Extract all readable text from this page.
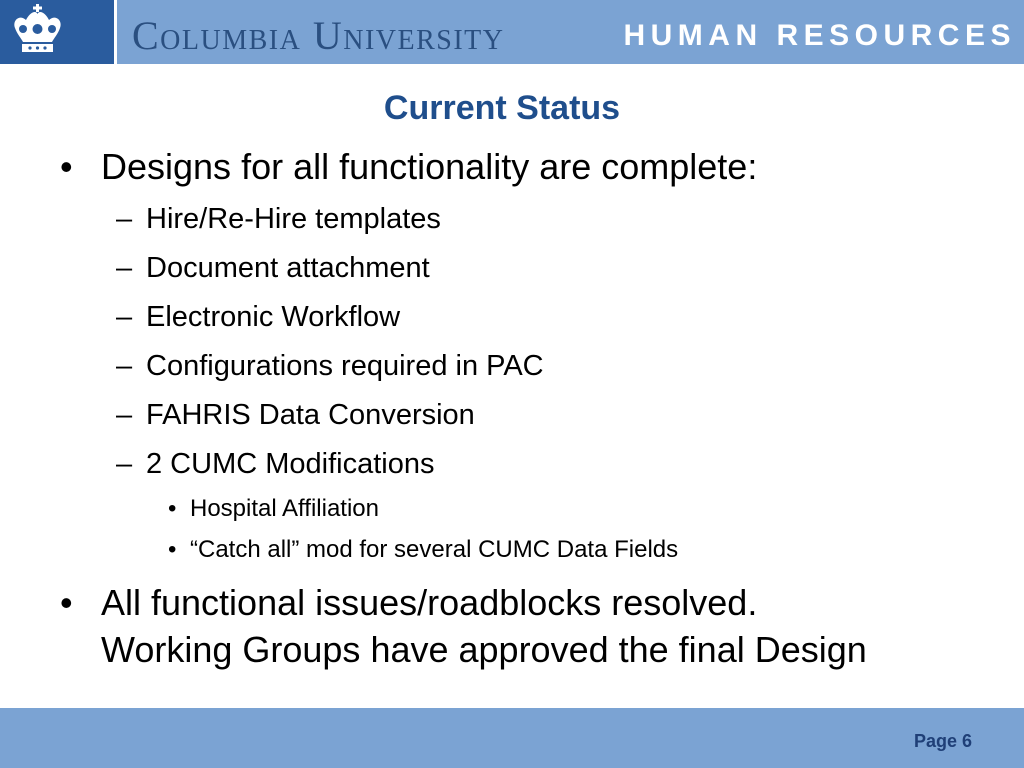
Columbia University	HUMAN RESOURCES
Current Status
• Designs for all functionality are complete:
– Hire/Re-Hire templates
– Document attachment
– Electronic Workflow
– Configurations required in PAC
– FAHRIS Data Conversion
– 2 CUMC Modifications
• Hospital Affiliation
• “Catch all” mod for several CUMC Data Fields
• All functional issues/roadblocks resolved.
Working Groups have approved the final Design
Page 6
